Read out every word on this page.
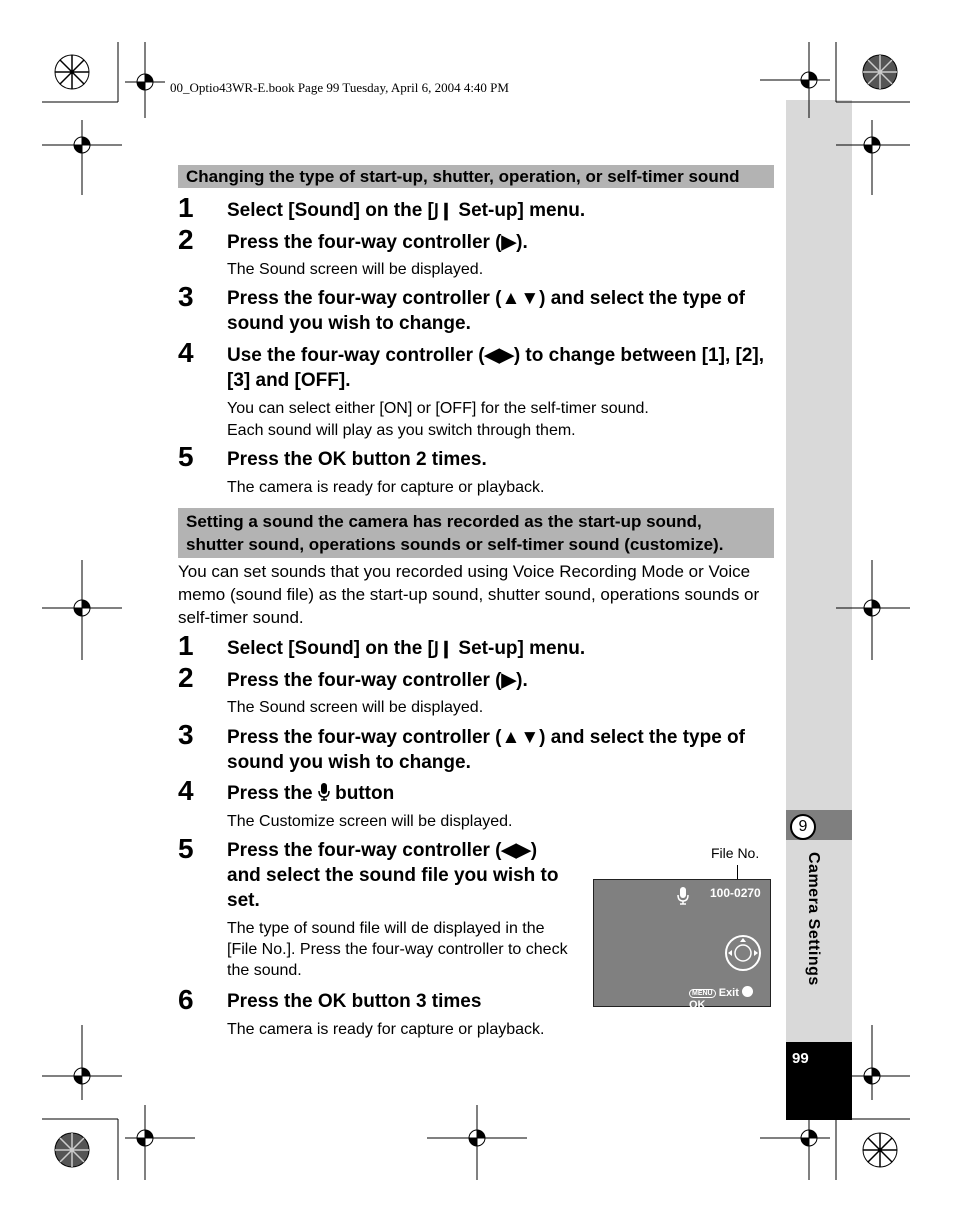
9
Camera Settings
99
00_Optio43WR-E.book Page 99 Tuesday, April 6, 2004 4:40 PM
Changing the type of start-up, shutter, operation, or self-timer sound
1 Select [Sound] on the [𝖩❙ Set-up] menu.
2 Press the four-way controller (▶).
The Sound screen will be displayed.
3 Press the four-way controller (▲▼) and select the type of sound you wish to change.
4 Use the four-way controller (◀▶) to change between [1], [2], [3] and [OFF].
You can select either [ON] or [OFF] for the self-timer sound.
Each sound will play as you switch through them.
5 Press the OK button 2 times.
The camera is ready for capture or playback.
Setting a sound the camera has recorded as the start-up sound,
shutter sound, operations sounds or self-timer sound (customize).
You can set sounds that you recorded using Voice Recording Mode or Voice memo (sound file) as the start-up sound, shutter sound, operations sounds or self-timer sound.
1 Select [Sound] on the [𝖩❙ Set-up] menu.
2 Press the four-way controller (▶).
The Sound screen will be displayed.
3 Press the four-way controller (▲▼) and select the type of sound you wish to change.
4 Press the button
The Customize screen will be displayed.
5 Press the four-way controller (◀▶) and select the sound file you wish to set.
The type of sound file will de displayed in the [File No.]. Press the four-way controller to check the sound.
6 Press the OK button 3 times
The camera is ready for capture or playback.
File No.
100-0270
MENU Exit  OK
